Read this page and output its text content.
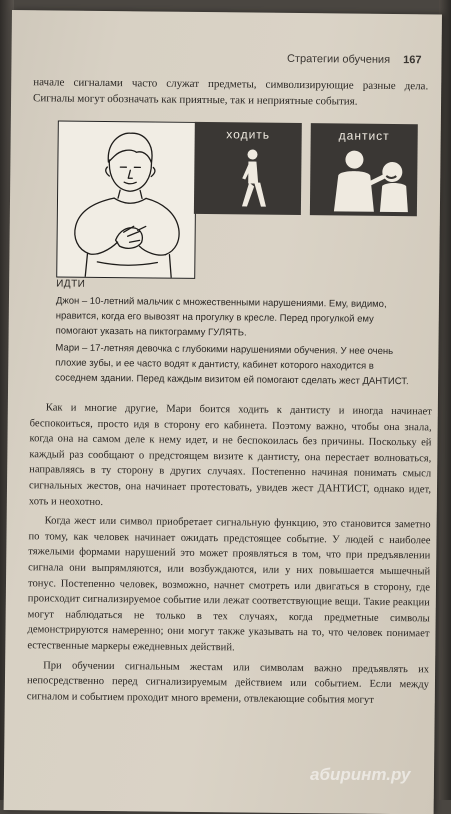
Стратегии обучения 167

начале сигналами часто служат предметы, символизирующие разные дела. Сигналы могут обозначать как приятные, так и неприятные события.

ИДТИ
ходить	дантист

Джон – 10-летний мальчик с множественными нарушениями. Ему, видимо, нравится, когда его вывозят на прогулку в кресле. Перед прогулкой ему помогают указать на пиктограмму ГУЛЯТЬ.

Мари – 17-летняя девочка с глубокими нарушениями обучения. У нее очень плохие зубы, и ее часто водят к дантисту, кабинет которого находится в соседнем здании. Перед каждым визитом ей помогают сделать жест ДАНТИСТ.

Как и многие другие, Мари боится ходить к дантисту и иногда начинает беспокоиться, просто идя в сторону его кабинета. Поэтому важно, чтобы она знала, когда она на самом деле к нему идет, и не беспокоилась без причины. Поскольку ей каждый раз сообщают о предстоящем визите к дантисту, она перестает волноваться, направляясь в ту сторону в других случаях. Постепенно начиная понимать смысл сигнальных жестов, она начинает протестовать, увидев жест ДАНТИСТ, однако идет, хоть и неохотно.

Когда жест или символ приобретает сигнальную функцию, это становится заметно по тому, как человек начинает ожидать предстоящее событие. У людей с наиболее тяжелыми формами нарушений это может проявляться в том, что при предъявлении сигнала они выпрямляются, или возбуждаются, или у них повышается мышечный тонус. Постепенно человек, возможно, начнет смотреть или двигаться в сторону, где происходит сигнализируемое событие или лежат соответствующие вещи. Такие реакции могут наблюдаться не только в тех случаях, когда предметные символы демонстрируются намеренно; они могут также указывать на то, что человек понимает естественные маркеры ежедневных действий.

При обучении сигнальным жестам или символам важно предъявлять их непосредственно перед сигнализируемым действием или событием. Если между сигналом и событием проходит много времени, отвлекающие события могут

абиринт.ру
